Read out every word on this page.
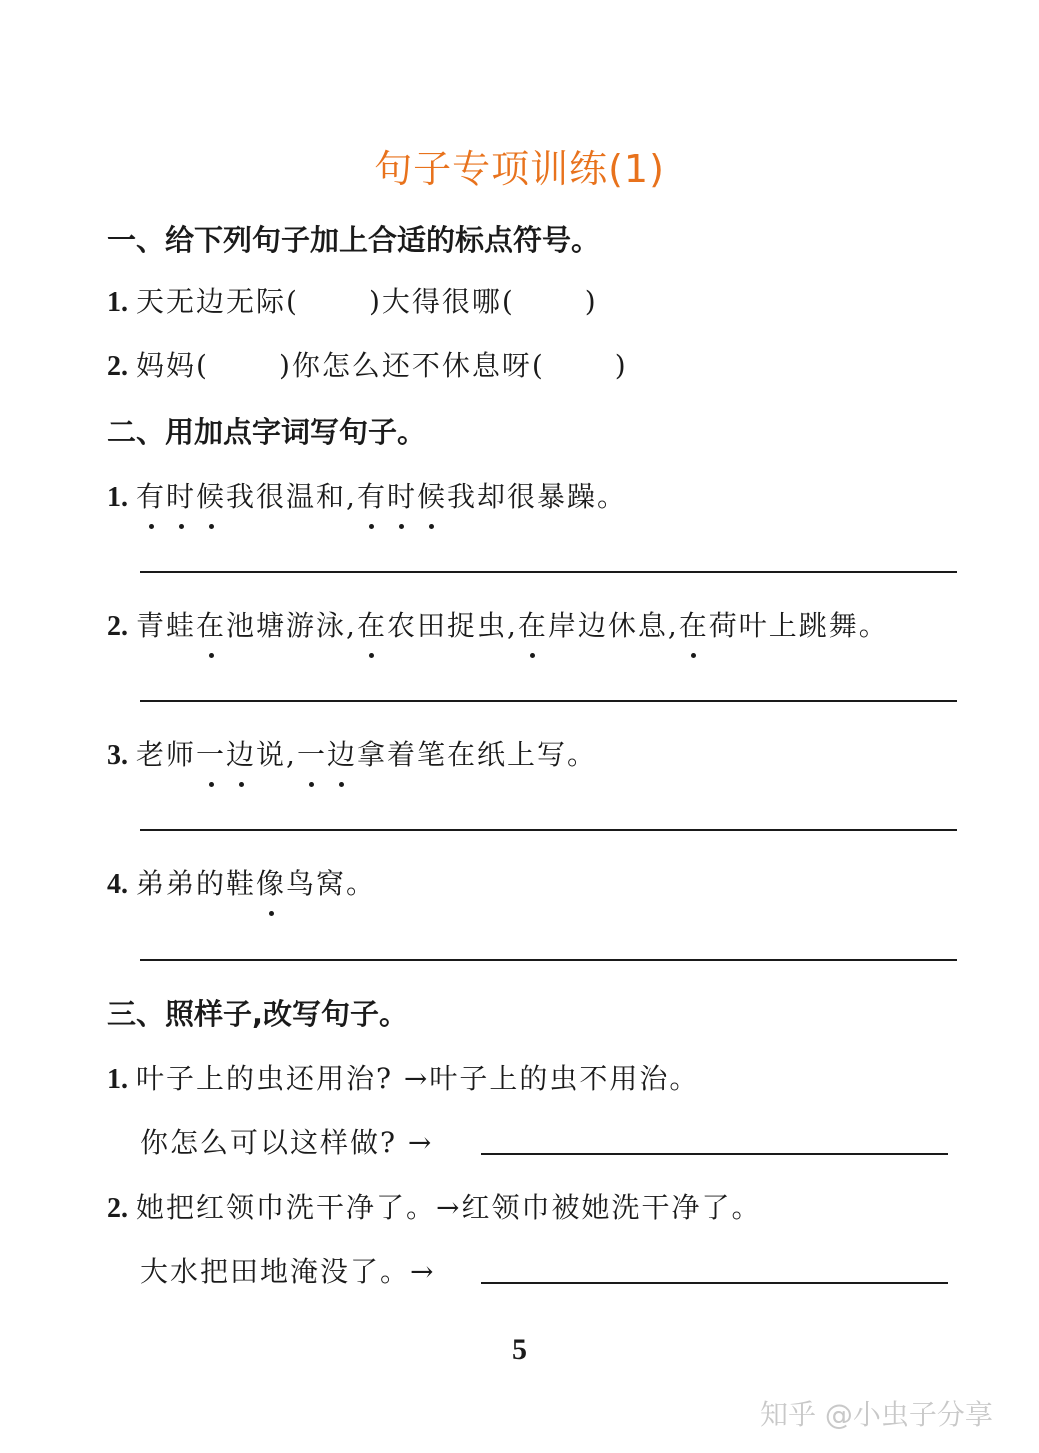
句子专项训练(1)
一、给下列句子加上合适的标点符号。
1. 天无边无际(	)大得很哪(	)
2. 妈妈(	)你怎么还不休息呀(	)
二、用加点字词写句子。
1. 有时候我很温和,有时候我却很暴躁。
2. 青蛙在池塘游泳,在农田捉虫,在岸边休息,在荷叶上跳舞。
3. 老师一边说,一边拿着笔在纸上写。
4. 弟弟的鞋像鸟窝。
三、照样子,改写句子。
1. 叶子上的虫还用治? →叶子上的虫不用治。
你怎么可以这样做? →
2. 她把红领巾洗干净了。→红领巾被她洗干净了。
大水把田地淹没了。→
5
知乎 @小虫子分享
